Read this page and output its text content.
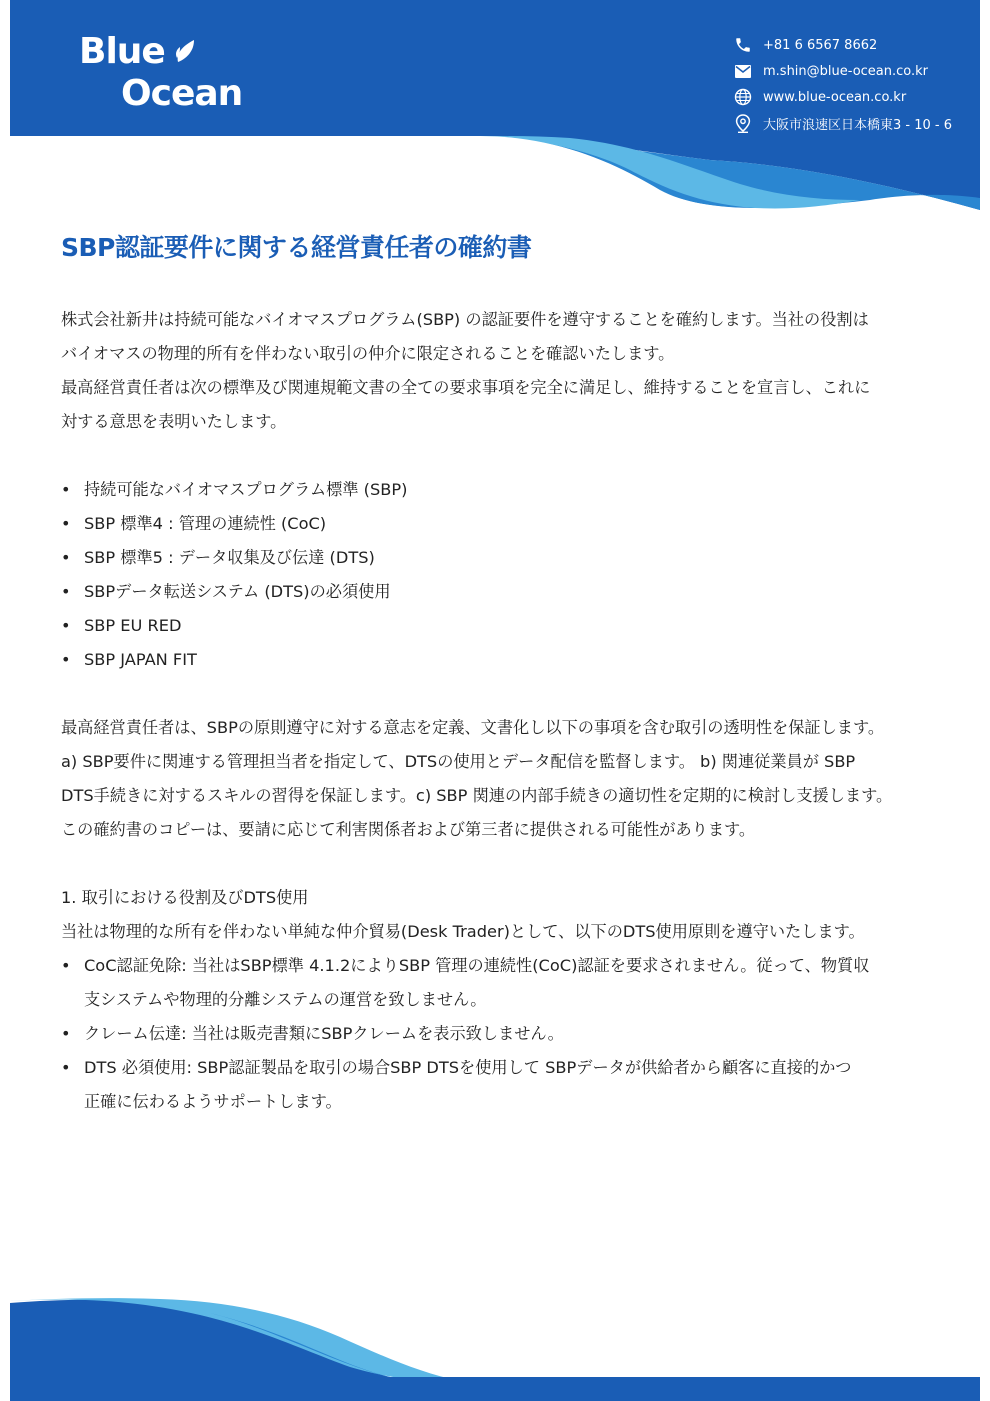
Blue
Ocean
+81 6 6567 8662
m.shin@blue-ocean.co.kr
www.blue-ocean.co.kr
大阪市浪速区日本橋東3 - 10 - 6
SBP認証要件に関する経営責任者の確約書

株式会社新井は持続可能なバイオマスプログラム(SBP) の認証要件を遵守することを確約します。当社の役割は

バイオマスの物理的所有を伴わない取引の仲介に限定されることを確認いたします。

最高経営責任者は次の標準及び関連規範文書の全ての要求事項を完全に満足し、維持することを宣言し、これに

対する意思を表明いたします。

• 持続可能なバイオマスプログラム標準 (SBP)
• SBP 標準4 : 管理の連続性 (CoC)
• SBP 標準5 : データ収集及び伝達 (DTS)
• SBPデータ転送システム (DTS)の必須使用
• SBP EU RED
• SBP JAPAN FIT

最高経営責任者は、SBPの原則遵守に対する意志を定義、文書化し以下の事項を含む取引の透明性を保証します。

a) SBP要件に関連する管理担当者を指定して、DTSの使用とデータ配信を監督します。 b) 関連従業員が SBP

DTS手続きに対するスキルの習得を保証します。c) SBP 関連の内部手続きの適切性を定期的に検討し支援します。

この確約書のコピーは、要請に応じて利害関係者および第三者に提供される可能性があります。

1. 取引における役割及びDTS使用

当社は物理的な所有を伴わない単純な仲介貿易(Desk Trader)として、以下のDTS使用原則を遵守いたします。

• CoC認証免除: 当社はSBP標準 4.1.2によりSBP 管理の連続性(CoC)認証を要求されません。従って、物質収
支システムや物理的分離システムの運営を致しません。
• クレーム伝達: 当社は販売書類にSBPクレームを表示致しません。
• DTS 必須使用: SBP認証製品を取引の場合SBP DTSを使用して SBPデータが供給者から顧客に直接的かつ
正確に伝わるようサポートします。
